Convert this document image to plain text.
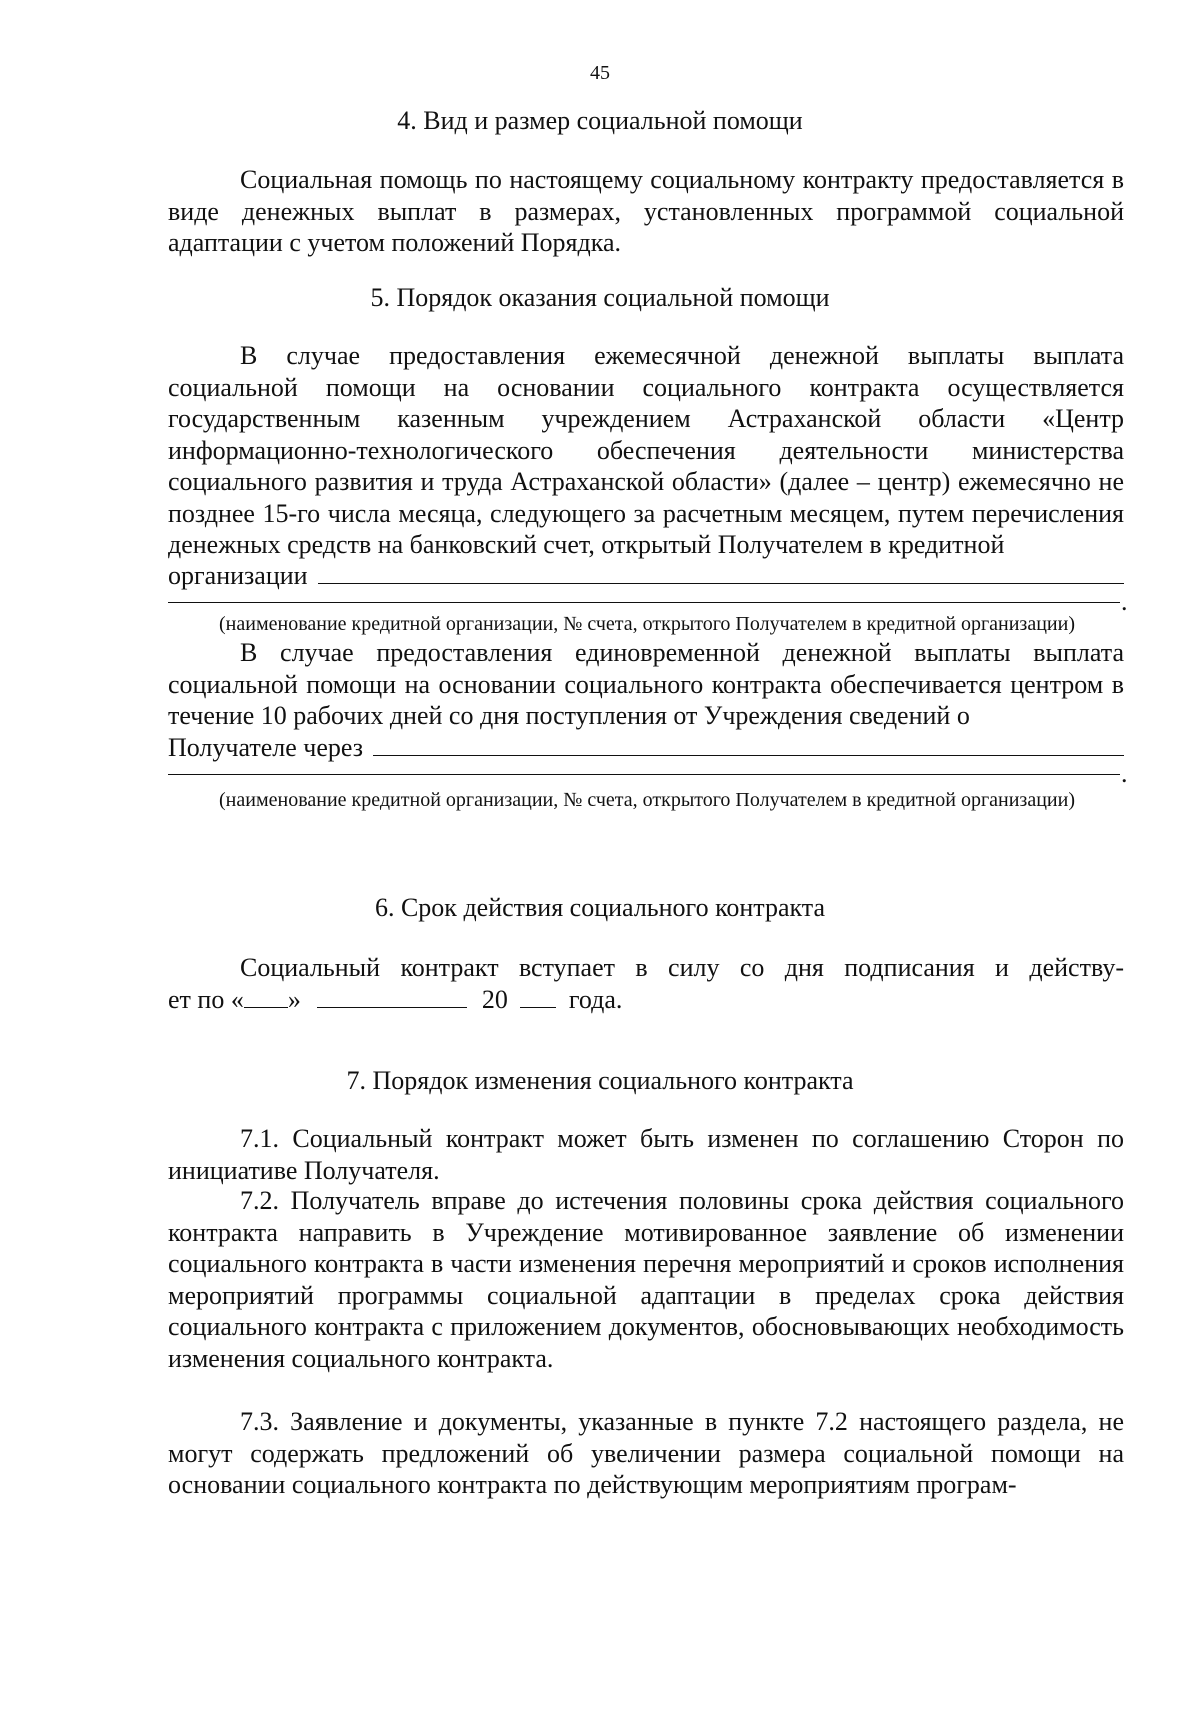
45
4. Вид и размер социальной помощи

Социальная помощь по настоящему социальному контракту предоставляется в виде денежных выплат в размерах, установленных программой социальной адаптации с учетом положений Порядка.

5. Порядок оказания социальной помощи

В случае предоставления ежемесячной денежной выплаты выплата социальной помощи на основании социального контракта осуществляется государственным казенным учреждением Астраханской области «Центр информационно-технологического обеспечения деятельности министерства социального развития и труда Астраханской области» (далее – центр) ежемесячно не позднее 15-го числа месяца, следующего за расчетным месяцем, путем перечисления денежных средств на банковский счет, открытый Получателем в кредитной

организации
.
(наименование кредитной организации, № счета, открытого Получателем в кредитной организации)

В случае предоставления единовременной денежной выплаты выплата социальной помощи на основании социального контракта обеспечивается центром в течение 10 рабочих дней со дня поступления от Учреждения сведений о

Получателе через
.
(наименование кредитной организации, № счета, открытого Получателем в кредитной организации)
6. Срок действия социального контракта

Социальный контракт вступает в силу со дня подписания и действу-

ет по « »	20 года.
7. Порядок изменения социального контракта

7.1. Социальный контракт может быть изменен по соглашению Сторон по инициативе Получателя.

7.2. Получатель вправе до истечения половины срока действия социального контракта направить в Учреждение мотивированное заявление об изменении социального контракта в части изменения перечня мероприятий и сроков исполнения мероприятий программы социальной адаптации в пределах срока действия социального контракта с приложением документов, обосновывающих необходимость изменения социального контракта.

7.3. Заявление и документы, указанные в пункте 7.2 настоящего раздела, не могут содержать предложений об увеличении размера социальной помощи на основании социального контракта по действующим мероприятиям програм-
